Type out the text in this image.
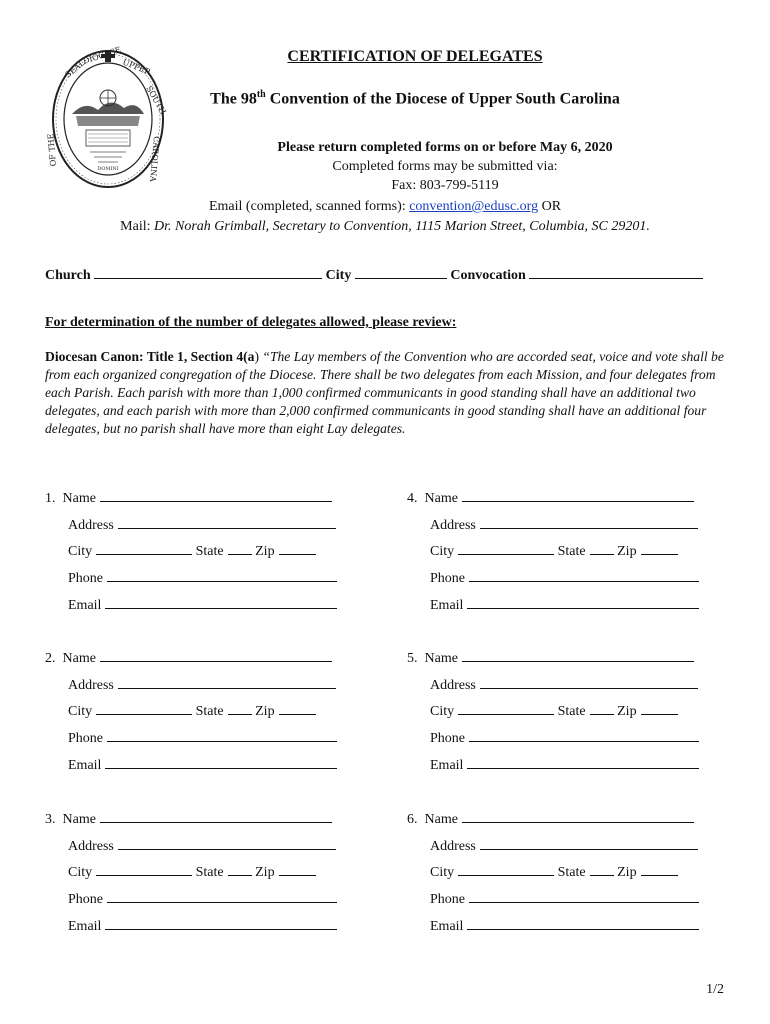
DOMINI
SEAL
DIOCESE
UPPER
SOUTH
CAROLINA
OF THE
CERTIFICATION OF DELEGATES
The 98th Convention of the Diocese of Upper South Carolina
Please return completed forms on or before May 6, 2020
Completed forms may be submitted via:
Fax: 803-799-5119
Email (completed, scanned forms): convention@edusc.org OR
Mail: Dr. Norah Grimball, Secretary to Convention, 1115 Marion Street, Columbia, SC 29201.
Church	City	Convocation
For determination of the number of delegates allowed, please review:
Diocesan Canon: Title 1, Section 4(a) “The Lay members of the Convention who are accorded seat, voice and vote shall be from each organized congregation of the Diocese. There shall be two delegates from each Mission, and four delegates from each Parish. Each parish with more than 1,000 confirmed communicants in good standing shall have an additional two delegates, and each parish with more than 2,000 confirmed communicants in good standing shall have an additional four delegates, but no parish shall have more than eight Lay delegates.
1. Name
Address
City	State Zip
Phone
Email
2. Name
Address
City	State Zip
Phone
Email
3. Name
Address
City	State Zip
Phone
Email
4. Name
Address
City	State Zip
Phone
Email
5. Name
Address
City	State Zip
Phone
Email
6. Name
Address
City	State Zip
Phone
Email
1/2
